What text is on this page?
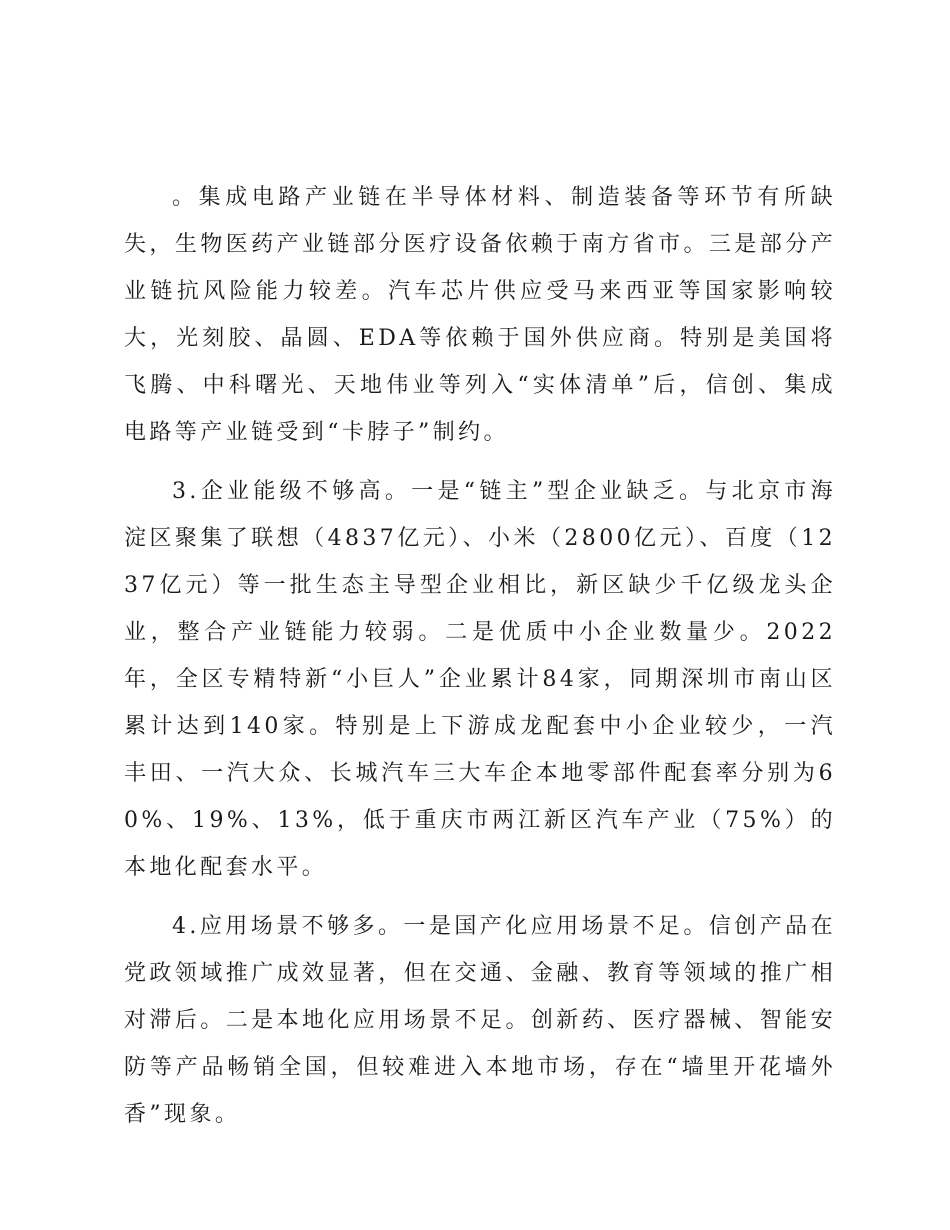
。集成电路产业链在半导体材料、制造装备等环节有所缺失，生物医药产业链部分医疗设备依赖于南方省市。三是部分产业链抗风险能力较差。汽车芯片供应受马来西亚等国家影响较大，光刻胶、晶圆、EDA等依赖于国外供应商。特别是美国将飞腾、中科曙光、天地伟业等列入“实体清单”后，信创、集成电路等产业链受到“卡脖子”制约。

3.企业能级不够高。一是“链主”型企业缺乏。与北京市海淀区聚集了联想（4837亿元）、小米（2800亿元）、百度（1237亿元）等一批生态主导型企业相比，新区缺少千亿级龙头企业，整合产业链能力较弱。二是优质中小企业数量少。2022年，全区专精特新“小巨人”企业累计84家，同期深圳市南山区累计达到140家。特别是上下游成龙配套中小企业较少，一汽丰田、一汽大众、长城汽车三大车企本地零部件配套率分别为60%、19%、13%，低于重庆市两江新区汽车产业（75%）的本地化配套水平。

4.应用场景不够多。一是国产化应用场景不足。信创产品在党政领域推广成效显著，但在交通、金融、教育等领域的推广相对滞后。二是本地化应用场景不足。创新药、医疗器械、智能安防等产品畅销全国，但较难进入本地市场，存在“墙里开花墙外香”现象。
